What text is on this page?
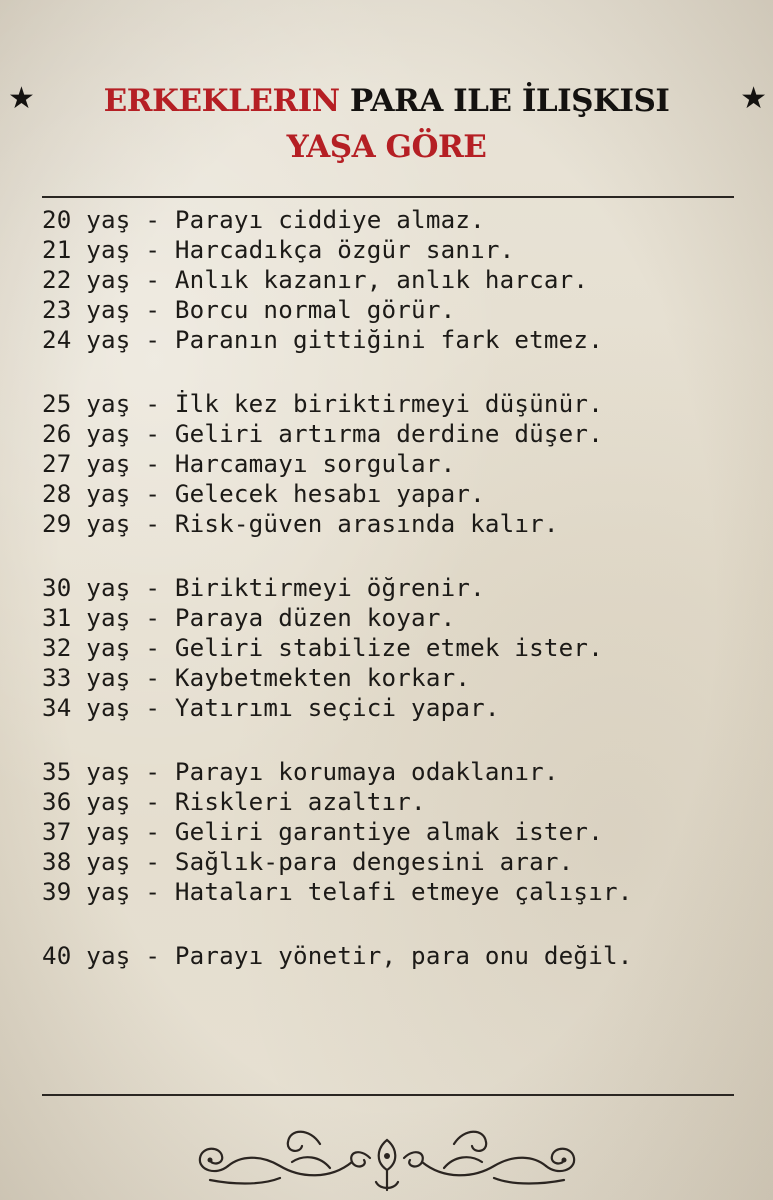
★	★
ERKEKLERIN PARA ILE İLIŞKISI
YAŞA GÖRE
20 yaş - Parayı ciddiye almaz.
21 yaş - Harcadıkça özgür sanır.
22 yaş - Anlık kazanır, anlık harcar.
23 yaş - Borcu normal görür.
24 yaş - Paranın gittiğini fark etmez.
25 yaş - İlk kez biriktirmeyi düşünür.
26 yaş - Geliri artırma derdine düşer.
27 yaş - Harcamayı sorgular.
28 yaş - Gelecek hesabı yapar.
29 yaş - Risk-güven arasında kalır.
30 yaş - Biriktirmeyi öğrenir.
31 yaş - Paraya düzen koyar.
32 yaş - Geliri stabilize etmek ister.
33 yaş - Kaybetmekten korkar.
34 yaş - Yatırımı seçici yapar.
35 yaş - Parayı korumaya odaklanır.
36 yaş - Riskleri azaltır.
37 yaş - Geliri garantiye almak ister.
38 yaş - Sağlık-para dengesini arar.
39 yaş - Hataları telafi etmeye çalışır.
40 yaş - Parayı yönetir, para onu değil.
